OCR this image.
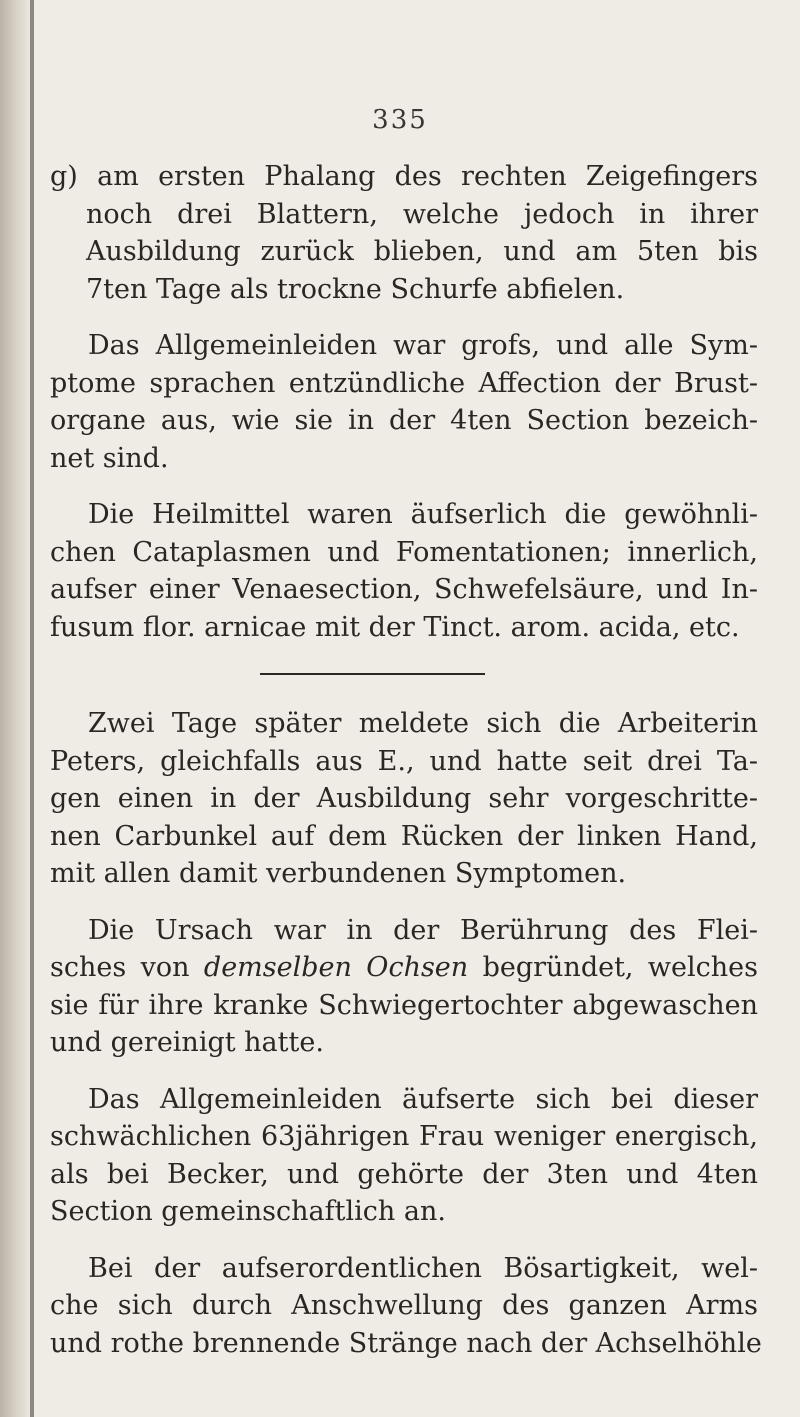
335
g) am ersten Phalang des rechten Zeigefingers
noch drei Blattern, welche jedoch in ihrer
Ausbildung zurück blieben, und am 5ten bis
7ten Tage als trockne Schurfe abfielen.
Das Allgemeinleiden war grofs, und alle Sym-
ptome sprachen entzündliche Affection der Brust-
organe aus, wie sie in der 4ten Section bezeich-
net sind.
Die Heilmittel waren äufserlich die gewöhnli-
chen Cataplasmen und Fomentationen; innerlich,
aufser einer Venaesection, Schwefelsäure, und In-
fusum flor. arnicae mit der Tinct. arom. acida, etc.
Zwei Tage später meldete sich die Arbeiterin
Peters, gleichfalls aus E., und hatte seit drei Ta-
gen einen in der Ausbildung sehr vorgeschritte-
nen Carbunkel auf dem Rücken der linken Hand,
mit allen damit verbundenen Symptomen.
Die Ursach war in der Berührung des Flei-
sches von demselben Ochsen begründet, welches
sie für ihre kranke Schwiegertochter abgewaschen
und gereinigt hatte.
Das Allgemeinleiden äufserte sich bei dieser
schwächlichen 63jährigen Frau weniger energisch,
als bei Becker, und gehörte der 3ten und 4ten
Section gemeinschaftlich an.
Bei der aufserordentlichen Bösartigkeit, wel-
che sich durch Anschwellung des ganzen Arms
und rothe brennende Stränge nach der Achselhöhle
